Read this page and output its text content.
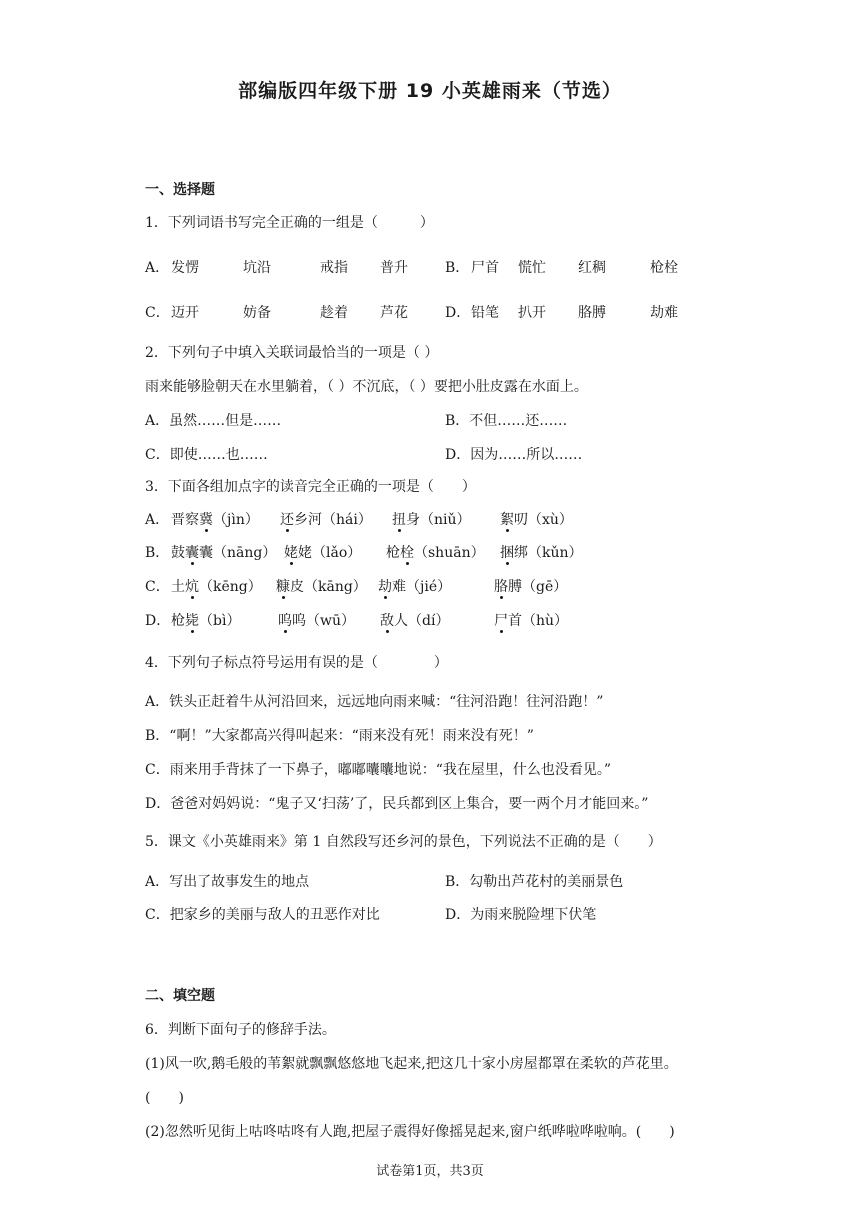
部编版四年级下册 19 小英雄雨来（节选）
一、选择题
1．下列词语书写完全正确的一组是（　　　）
A． 发愣	坑沿	戒指 普升	B． 尸首 慌忙 红稠	枪栓
C． 迈开	妨备	趁着 芦花	D． 铅笔 扒开 胳膊	劫难
2．下列句子中填入关联词最恰当的一项是（ ）
雨来能够脸朝天在水里躺着，（ ）不沉底，（ ）要把小肚皮露在水面上。
A．虽然……但是……	B．不但……还……
C．即使……也……	D．因为……所以……
3．下面各组加点字的读音完全正确的一项是（　　）
A． 晋察冀（jìn） 还乡河（hái） 扭身（niǔ） 絮叨（xù）
B． 鼓囊囊（nāng） 姥姥（lǎo） 枪栓（shuān） 捆绑（kǔn）
C． 土炕（kēng） 糠皮（kāng） 劫难（jié）	胳膊（gē）
D． 枪毙（bì）	呜呜（wū） 敌人（dí）	尸首（hù）
4．下列句子标点符号运用有误的是（　　　　）
A．铁头正赶着牛从河沿回来，远远地向雨来喊：“往河沿跑！往河沿跑！”
B．“啊！”大家都高兴得叫起来：“雨来没有死！雨来没有死！”
C．雨来用手背抹了一下鼻子，嘟嘟囔囔地说：“我在屋里，什么也没看见。”
D．爸爸对妈妈说：“鬼子又‘扫荡’了，民兵都到区上集合，要一两个月才能回来。”
5．课文《小英雄雨来》第 1 自然段写还乡河的景色，下列说法不正确的是（　　）
A．写出了故事发生的地点	B．勾勒出芦花村的美丽景色
C．把家乡的美丽与敌人的丑恶作对比	D．为雨来脱险埋下伏笔
二、填空题
6．判断下面句子的修辞手法。
(1)风一吹,鹅毛般的苇絮就飘飘悠悠地飞起来,把这几十家小房屋都罩在柔软的芦花里。
(　　)
(2)忽然听见街上咕咚咕咚有人跑,把屋子震得好像摇晃起来,窗户纸哗啦哗啦响。(　　)
试卷第1页，共3页
